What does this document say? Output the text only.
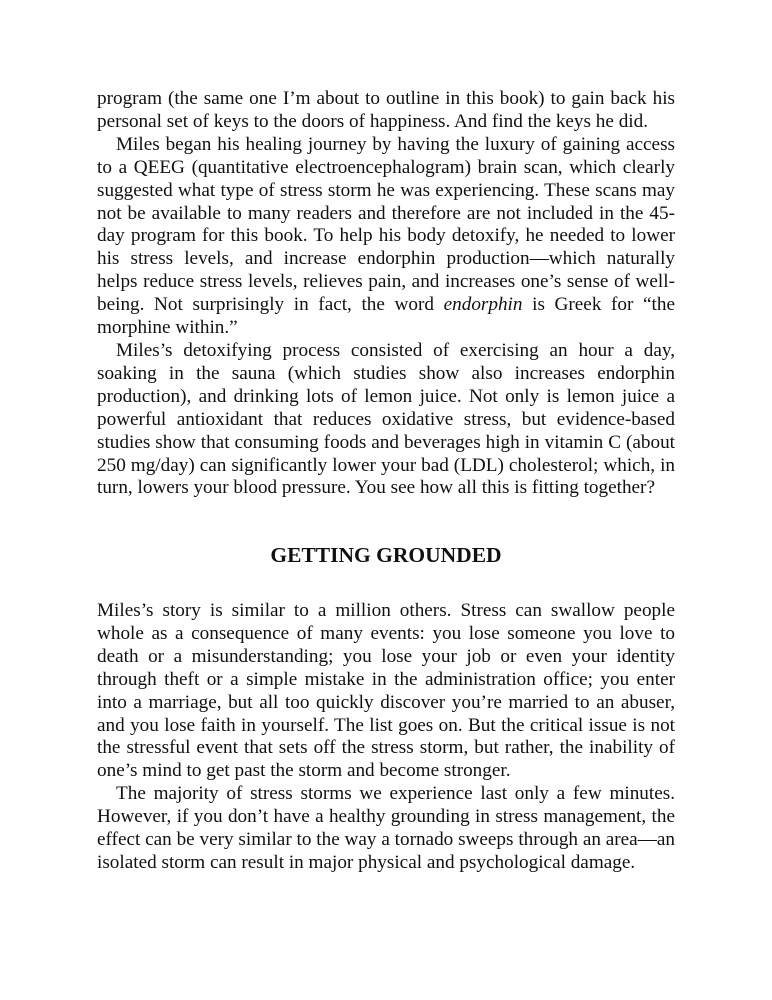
program (the same one I’m about to outline in this book) to gain back his personal set of keys to the doors of happiness. And find the keys he did.

Miles began his healing journey by having the luxury of gaining access to a QEEG (quantitative electroencephalogram) brain scan, which clearly suggested what type of stress storm he was experiencing. These scans may not be available to many readers and therefore are not included in the 45-day program for this book. To help his body detoxify, he needed to lower his stress levels, and increase endorphin production—which naturally helps reduce stress levels, relieves pain, and increases one’s sense of well-being. Not surprisingly in fact, the word endorphin is Greek for “the morphine within.”

Miles’s detoxifying process consisted of exercising an hour a day, soaking in the sauna (which studies show also increases endorphin production), and drinking lots of lemon juice. Not only is lemon juice a powerful antioxidant that reduces oxidative stress, but evidence-based studies show that consuming foods and beverages high in vitamin C (about 250 mg/day) can significantly lower your bad (LDL) cholesterol; which, in turn, lowers your blood pressure. You see how all this is fitting together?

GETTING GROUNDED

Miles’s story is similar to a million others. Stress can swallow people whole as a consequence of many events: you lose someone you love to death or a misunderstanding; you lose your job or even your identity through theft or a simple mistake in the administration office; you enter into a marriage, but all too quickly discover you’re married to an abuser, and you lose faith in yourself. The list goes on. But the critical issue is not the stressful event that sets off the stress storm, but rather, the inability of one’s mind to get past the storm and become stronger.

The majority of stress storms we experience last only a few minutes. However, if you don’t have a healthy grounding in stress management, the effect can be very similar to the way a tornado sweeps through an area—an isolated storm can result in major physical and psychological damage.
